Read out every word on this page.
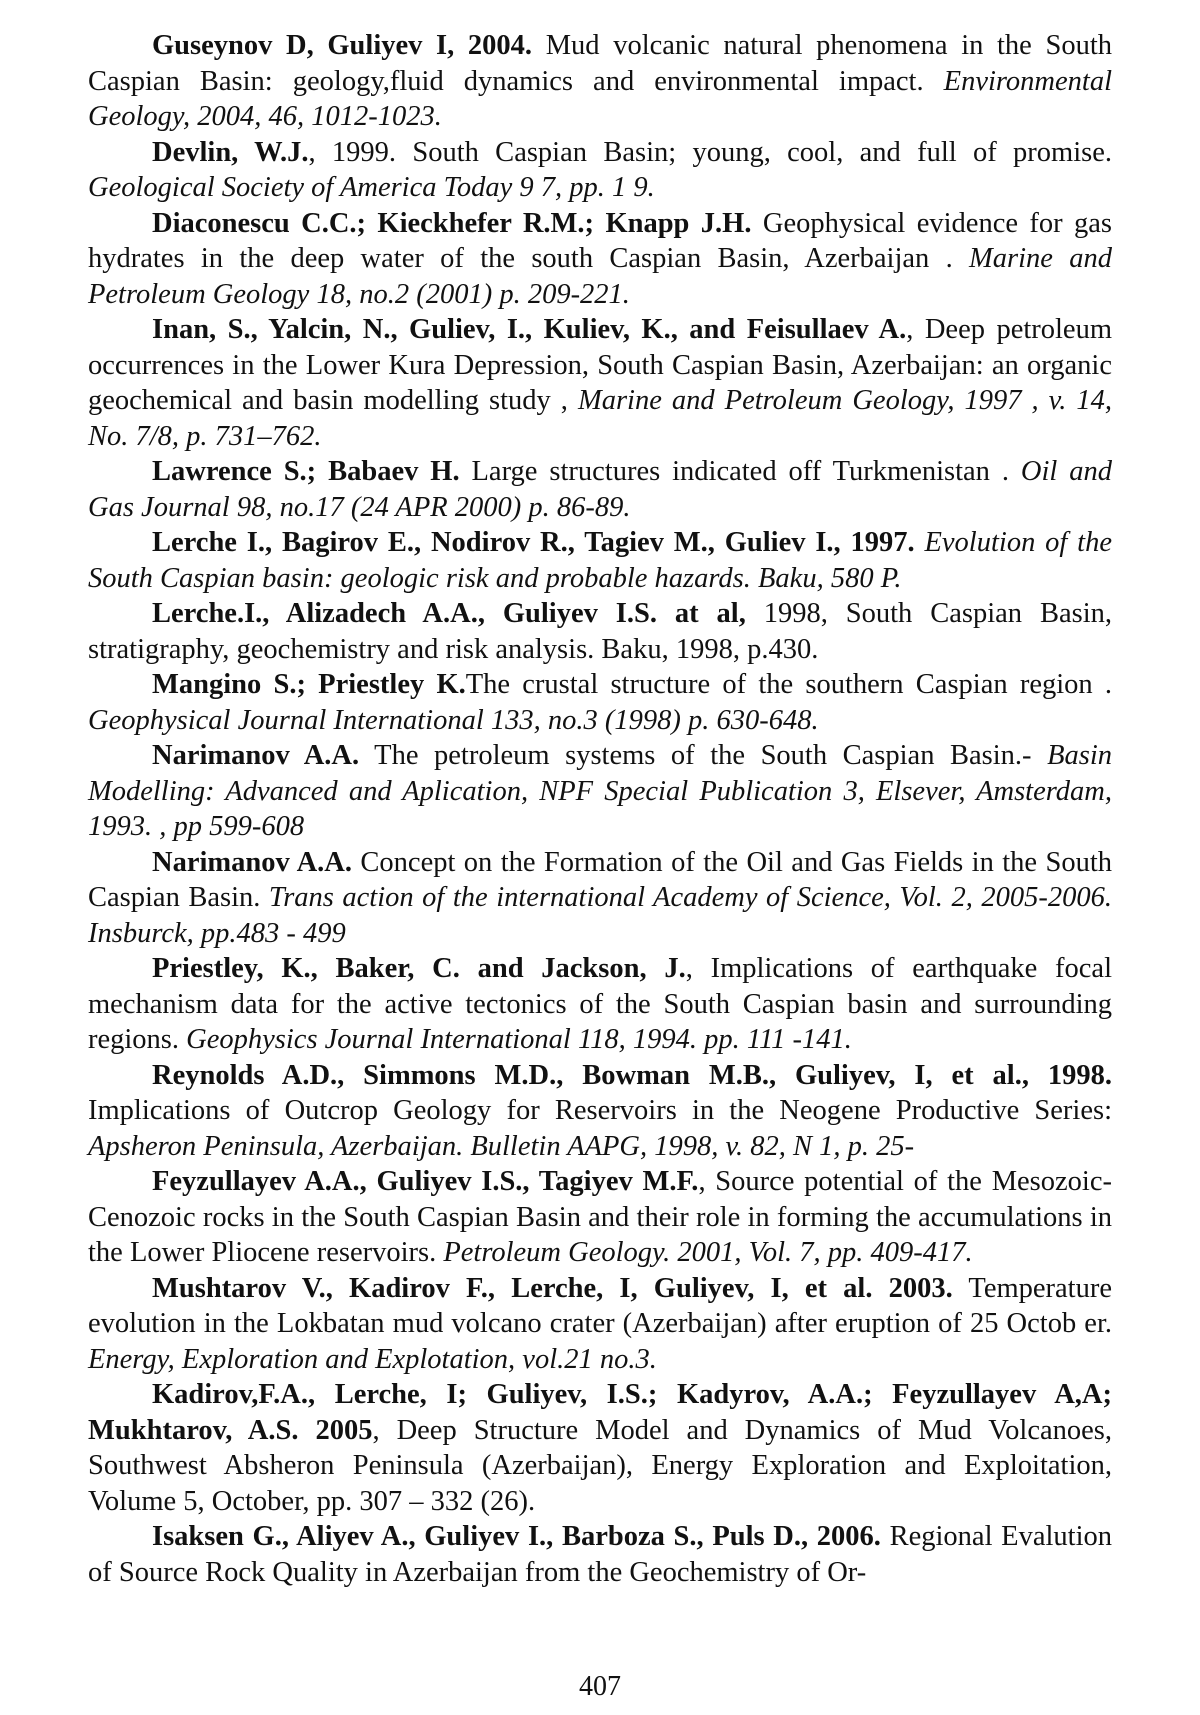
Guseynov D, Guliyev I, 2004. Mud volcanic natural phenomena in the South Caspian Basin: geology,fluid dynamics and environmental impact. Environmental Geology, 2004, 46, 1012-1023.

Devlin, W.J., 1999. South Caspian Basin; young, cool, and full of promise. Geological Society of America Today 9 7, pp. 1 9.

Diaconescu C.C.; Kieckhefer R.M.; Knapp J.H. Geophysical evidence for gas hydrates in the deep water of the south Caspian Basin, Azerbaijan . Marine and Petroleum Geology 18, no.2 (2001) p. 209-221.

Inan, S., Yalcin, N., Guliev, I., Kuliev, K., and Feisullaev A., Deep petroleum occurrences in the Lower Kura Depression, South Caspian Basin, Azerbaijan: an organic geochemical and basin modelling study , Marine and Petroleum Geology, 1997 , v. 14, No. 7/8, p. 731–762.

Lawrence S.; Babaev H. Large structures indicated off Turkmenistan . Oil and Gas Journal 98, no.17 (24 APR 2000) p. 86-89.

Lerche I., Bagirov E., Nodirov R., Tagiev M., Guliev I., 1997. Evolution of the South Caspian basin: geologic risk and probable hazards. Baku, 580 P.

Lerche.I., Alizadech A.A., Guliyev I.S. at al, 1998, South Caspian Basin, stratigraphy, geochemistry and risk analysis. Baku, 1998, p.430.

Mangino S.; Priestley K.The crustal structure of the southern Caspian region . Geophysical Journal International 133, no.3 (1998) p. 630-648.

Narimanov A.A. The petroleum systems of the South Caspian Basin.- Basin Modelling: Advanced and Aplication, NPF Special Publication 3, Elsever, Amsterdam, 1993. , pp 599-608

Narimanov A.A. Concept on the Formation of the Oil and Gas Fields in the South Caspian Basin. Trans action of the international Academy of Science, Vol. 2, 2005-2006. Insburck, pp.483 - 499

Priestley, K., Baker, C. and Jackson, J., Implications of earthquake focal mechanism data for the active tectonics of the South Caspian basin and surrounding regions. Geophysics Journal International 118, 1994. pp. 111 -141.

Reynolds A.D., Simmons M.D., Bowman M.B., Guliyev, I, et al., 1998. Implications of Outcrop Geology for Reservoirs in the Neogene Productive Series: Apsheron Peninsula, Azerbaijan. Bulletin AAPG, 1998, v. 82, N 1, p. 25-

Feyzullayev A.A., Guliyev I.S., Tagiyev M.F., Source potential of the Mesozoic-Cenozoic rocks in the South Caspian Basin and their role in forming the accumulations in the Lower Pliocene reservoirs. Petroleum Geology. 2001, Vol. 7, pp. 409-417.

Mushtarov V., Kadirov F., Lerche, I, Guliyev, I, et al. 2003. Temperature evolution in the Lokbatan mud volcano crater (Azerbaijan) after eruption of 25 Octob er. Energy, Exploration and Explotation, vol.21 no.3.

Kadirov,F.A., Lerche, I; Guliyev, I.S.; Kadyrov, A.A.; Feyzullayev A,A; Mukhtarov, A.S. 2005, Deep Structure Model and Dynamics of Mud Volcanoes, Southwest Absheron Peninsula (Azerbaijan), Energy Exploration and Exploitation, Volume 5, October, pp. 307 – 332 (26).

Isaksen G., Aliyev A., Guliyev I., Barboza S., Puls D., 2006. Regional Evalution of Source Rock Quality in Azerbaijan from the Geochemistry of Or-

407
